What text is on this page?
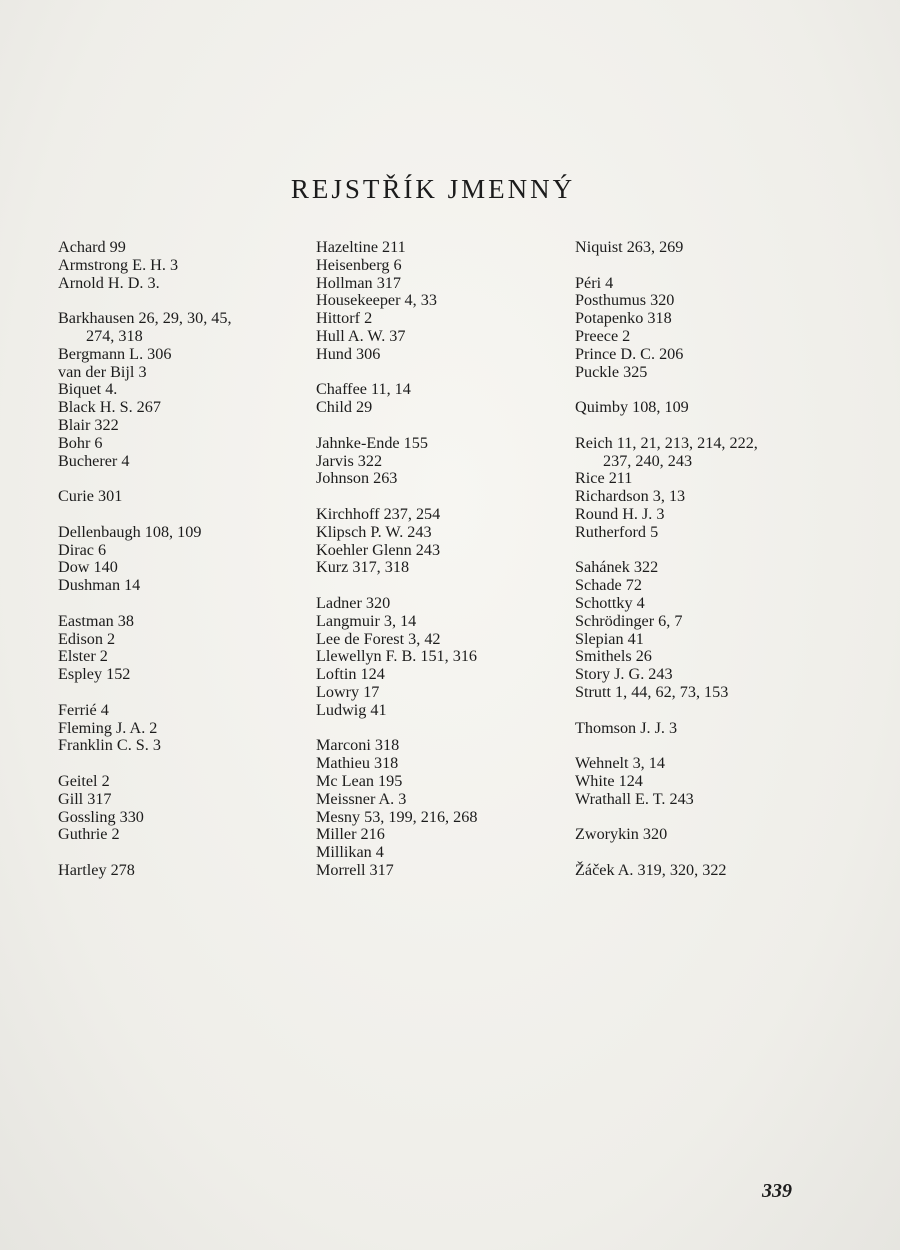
REJSTŘÍK JMENNÝ
Achard 99
Armstrong E. H. 3
Arnold H. D. 3.
Barkhausen 26, 29, 30, 45,
274, 318
Bergmann L. 306
van der Bijl 3
Biquet 4.
Black H. S. 267
Blair 322
Bohr 6
Bucherer 4
Curie 301
Dellenbaugh 108, 109
Dirac 6
Dow 140
Dushman 14
Eastman 38
Edison 2
Elster 2
Espley 152
Ferrié 4
Fleming J. A. 2
Franklin C. S. 3
Geitel 2
Gill 317
Gossling 330
Guthrie 2
Hartley 278
Hazeltine 211
Heisenberg 6
Hollman 317
Housekeeper 4, 33
Hittorf 2
Hull A. W. 37
Hund 306
Chaffee 11, 14
Child 29
Jahnke-Ende 155
Jarvis 322
Johnson 263
Kirchhoff 237, 254
Klipsch P. W. 243
Koehler Glenn 243
Kurz 317, 318
Ladner 320
Langmuir 3, 14
Lee de Forest 3, 42
Llewellyn F. B. 151, 316
Loftin 124
Lowry 17
Ludwig 41
Marconi 318
Mathieu 318
Mc Lean 195
Meissner A. 3
Mesny 53, 199, 216, 268
Miller 216
Millikan 4
Morrell 317
Niquist 263, 269
Péri 4
Posthumus 320
Potapenko 318
Preece 2
Prince D. C. 206
Puckle 325
Quimby 108, 109
Reich 11, 21, 213, 214, 222,
237, 240, 243
Rice 211
Richardson 3, 13
Round H. J. 3
Rutherford 5
Sahánek 322
Schade 72
Schottky 4
Schrödinger 6, 7
Slepian 41
Smithels 26
Story J. G. 243
Strutt 1, 44, 62, 73, 153
Thomson J. J. 3
Wehnelt 3, 14
White 124
Wrathall E. T. 243
Zworykin 320
Žáček A. 319, 320, 322
339
